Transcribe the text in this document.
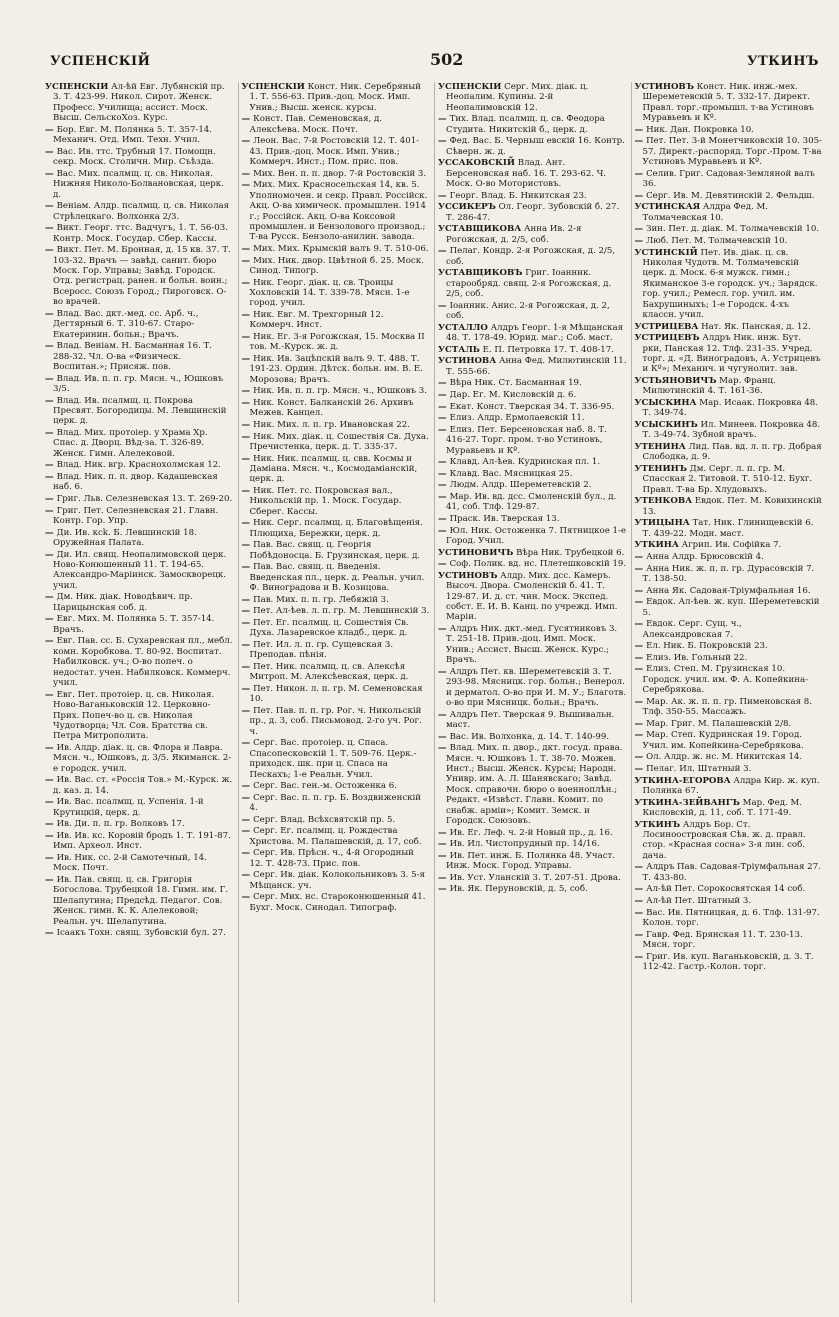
УСПЕНСКІЙ	502	УТКИНЪ
УСПЕНСКІЙ Ал-ѣй Евг. Лубянскій пр. 3. Т. 423-99. Никол. Сирот. Женск. Професс. Училища; ассист. Моск. Высш. СельскоХоз. Курс.
— Бор. Евг. М. Полянка 5. Т. 357-14. Механич. Отд. Имп. Техн. Учил.
— Вас. Ив. ттс. Трубный 17. Помощн. секр. Моск. Столичн. Мир. Съѣзда.
— Вас. Мих. псалмщ. ц. св. Николая. Нижняя Николо-Болвановская, церк. д.
— Веніам. Алдр. псалмщ. ц. св. Николая Стрѣлецкаго. Волхонка 2/3.
— Викт. Георг. ттс. Вадчугъ, 1. Т. 56-03. Контр. Моск. Государ. Сбер. Кассы.
— Викт. Пет. М. Бронная, д. 15 кв. 37. Т. 103-32. Врачъ — завѣд. санит. бюро Моск. Гор. Управы; Завѣд. Городск. Отд. регистрац. ранен. и больн. воин.; Всеросс. Союзъ Город.; Пироговск. О-во врачей.
— Влад. Вас. дкт.-мед. сс. Арб. ч., Дегтярный 6. Т. 310-67. Старо-Екатеринин. больн.; Врачъ.
— Влад. Веніам. Н. Басманная 16. Т. 288-32. Чл. О-ва «Физическ. Воспитан.»; Присяж. пов.
— Влад. Ив. п. п. гр. Мясн. ч., Юшковъ 3/5.
— Влад. Ив. псалмщ. ц. Покрова Пресвят. Богородицы. М. Левшинскій церк. д.
— Влад. Мих. протоіер. у Храма Хр. Спас. д. Дворц. Вѣд-за. Т. 326-89. Женск. Гимн. Алелековой.
— Влад. Ник. вгр. Краснохолмская 12.
— Влад. Ник. п. п. двор. Кадашевская наб. 6.
— Григ. Льв. Селезневская 13. Т. 269-20.
— Григ. Пет. Селезневская 21. Главн. Контр. Гор. Упр.
— Ди. Ив. ксk. Б. Левшинскій 18. Оружейная Палата.
— Ди. Ил. свящ. Неопалимовской церк. Ново-Конюшенный 11. Т. 194-65. Александро-Маріинск. Замоскворецк. учил.
— Дм. Ник. діак. Новодѣвич. пр. Царицынская соб. д.
— Евг. Мих. М. Полянка 5. Т. 357-14. Врачъ.
— Евг. Пав. сс. Б. Сухаревская пл., мебл. комн. Коробкова. Т. 80-92. Воспитат. Набилковск. уч.; О-во попеч. о недостат. учен. Набилковск. Коммерч. учил.
— Евг. Пет. протоіер. ц. св. Николая. Ново-Ваганьковскій 12. Церковно-Прих. Попеч-во ц. св. Николая Чудотворца; Чл. Сов. Братства св. Петра Митрополита.
— Ив. Алдр. діак. ц. св. Флора и Лавра. Мясн. ч., Юшковъ, д. 3/5. Якиманск. 2-е городск. учил.
— Ив. Вас. ст. «Россія Тов.» М.-Курск. ж. д. каз. д. 14.
— Ив. Вас. псалмщ. ц. Успенія. 1-й Крутицкій, церк. д.
— Ив. Ди. п. п. гр. Волковъ 17.
— Ив. Ив. кс. Коровій бродъ 1. Т. 191-87. Имп. Археол. Инст.
— Ив. Ник. сс. 2-й Самотечный, 14. Моск. Почт.
— Ив. Пав. свящ. ц. св. Григорія Богослова. Трубецкой 18. Гимн. им. Г. Шелапутина; Предсѣд. Педагог. Сов. Женск. гимн. К. К. Алелековой; Реальн. уч. Шелапутина.
— Ісаакъ Тохн. свящ. Зубовскій бул. 27.
УСПЕНСКІЙ Конст. Ник. Серебряный 1. Т. 556-63. Прив.-доц. Моск. Имп. Унив.; Высш. женск. курсы.
— Конст. Пав. Семеновская, д. Алексѣева. Моск. Почт.
— Леон. Вас. 7-й Ростовскій 12. Т. 401-43. Прив.-доц. Моск. Имп. Унив.; Коммерч. Инст.; Пом. прис. пов.
— Мих. Вен. п. п. двор. 7-й Ростовскій 3.
— Мих. Мих. Красносельская 14, кв. 5. Уполномочен. и секр. Правл. Россійск. Акц. О-ва химическ. промышлен. 1914 г.; Россійск. Акц. О-ва Коксовой промышлен. и Бензолового производ.; Т-ва Русск. Бензоло-анилин. завода.
— Мих. Мих. Крымскій валъ 9. Т. 510-06.
— Мих. Ник. двор. Цвѣтной б. 25. Моск. Синод. Типогр.
— Ник. Георг. діак. ц. св. Троицы Хохловскій 14. Т. 339-78. Мясн. 1-е город. учил.
— Ник. Евг. М. Трехгорный 12. Коммерч. Инст.
— Ник. Ег. 3-я Рогожская, 15. Москва II тов. М.-Курск. ж. д.
— Ник. Ив. Зацѣпскій валъ 9. Т. 488. Т. 191-23. Ордин. Дѣтск. больн. им. В. Е. Морозова; Врачъ.
— Ник. Ив. п. п. гр. Мясн. ч., Юшковъ 3.
— Ник. Конст. Балканскій 26. Архивъ Межев. Канцел.
— Ник. Мих. л. п. гр. Ивановская 22.
— Ник. Мих. діак. ц. Сошествія Св. Духа. Пречистенка, церк. д. Т. 335-37.
— Ник. Ник. псалмщ. ц. свв. Космы и Даміана. Мясн. ч., Космодаміанскій, церк. д.
— Ник. Пет. гс. Покровская вал., Никольскій пр. 1. Моск. Государ. Сберег. Кассы.
— Ник. Серг. псалмщ. ц. Благовѣщенія. Плющиха, Бережки, церк. д.
— Пав. Вас. свящ. ц. Георгія Побѣдоносца. Б. Грузинская, церк. д.
— Пав. Вас. свящ. ц. Введенія. Введенская пл., церк. д. Реальн. учил. Ф. Виноградова и В. Козицова.
— Пав. Мих. п. п. гр. Лебяжій 3.
— Пет. Ал-ѣев. л. п. гр. М. Левшинскій 3.
— Пет. Ег. псалмщ. ц. Сошествія Св. Духа. Лазаревское кладб., церк. д.
— Пет. Ил. л. п. гр. Сущевская 3. Преподав. пѣнія.
— Пет. Ник. псалмщ. ц. св. Алексѣя Митроп. М. Алексѣевская, церк. д.
— Пет. Никон. л. п. гр. М. Семеновская 10.
— Пет. Пав. п. п. гр. Рог. ч. Никольскій пр., д. 3, соб. Письмовод. 2-го уч. Рог. ч.
— Серг. Вас. протоіер. ц. Спаса. Спасопесковскій 1. Т. 509-76. Церк.-приходск. шк. при ц. Спаса на Пескахъ; 1-е Реальн. Учил.
— Серг. Вас. ген.-м. Остоженка 6.
— Серг. Вас. п. п. гр. Б. Воздвиженскій 4.
— Серг. Влад. Всѣхсвятскій пр. 5.
— Серг. Ег. псалмщ. ц. Рождества Христова. М. Палашевскій, д. 17, соб.
— Серг. Ив. Прѣсн. ч., 4-й Огородный 12. Т. 428-73. Прис. пов.
— Серг. Ив. діак. Колокольниковъ 3. 5-я Мѣщанск. уч.
— Серг. Мих. нс. Староконюшенный 41. Бухг. Моск. Синодал. Типограф.
УСПЕНСКІЙ Серг. Мих. діак. ц. Неопалим. Купины. 2-й Неопалимовскій 12.
— Тих. Влад. псалмщ. ц. св. Феодора Студита. Никитскій б., церк. д.
— Фед. Вас. Б. Черныш евскій 16. Контр. Сѣверн. ж. д.
УССАКОВСКІЙ Влад. Ант. Берсеновская наб. 16. Т. 293-62. Ч. Моск. О-во Мотористовъ.
— Георг. Влад. Б. Никитская 23.
УССИКЕРЪ Ол. Георг. Зубовскій б. 27. Т. 286-47.
УСТАВЩИКОВА Анна Ив. 2-я Рогожская, д. 2/5, соб.
— Пелаг. Кондр. 2-я Рогожская, д. 2/5, соб.
УСТАВЩИКОВЪ Григ. Іоанник. старообряд. свящ. 2-я Рогожская, д. 2/5, соб.
— Іоанник. Анис. 2-я Рогожская, д. 2, соб.
УСТАЛЛО Алдръ Георг. 1-я Мѣщанская 48. Т. 178-49. Юрид. маг.; Соб. маст.
УСТАЛЬ Е. П. Петровка 17. Т. 408-17.
УСТИНОВА Анна Фед. Милютинскій 11. Т. 555-66.
— Вѣра Ник. Ст. Басманная 19.
— Дар. Ег. М. Кисловскій д. 6.
— Екат. Конст. Тверская 34. Т. 336-95.
— Елиз. Алдр. Ермолаевскій 11.
— Елиз. Пет. Берсеновская наб. 8. Т. 416-27. Торг. пром. т-во Устиновъ, Муравьевъ и Кº.
— Клавд. Ал-ѣев. Кудринская пл. 1.
— Клавд. Вас. Мясницкая 25.
— Людм. Алдр. Шереметевскій 2.
— Мар. Ив. вд. дсс. Смоленскій бул., д. 41, соб. Тлф. 129-87.
— Праск. Ив. Тверская 13.
— Юл. Ник. Остоженка 7. Пятницкое 1-е Город. Учил.
УСТИНОВИЧЪ Вѣра Ник. Трубецкой 6.
— Соф. Полик. вд. нс. Плетешковскій 19.
УСТИНОВЪ Алдр. Мих. дсс. Камеръ. Высоч. Двора. Смоленскій б. 41. Т. 129-87. И. д. ст. чин. Моск. Экспед. собст. Е. И. В. Канц. по учрежд. Имп. Маріи.
— Алдръ Ник. дкт.-мед. Гусятниковъ 3. Т. 251-18. Прив.-доц. Имп. Моск. Унив.; Ассист. Высш. Женск. Курс.; Врачъ.
— Алдръ Пет. кв. Шереметевскій 3. Т. 293-98. Мясницк. гор. больн.; Венерол. и дерматол. О-во при И. М. У.; Благотв. о-во при Мясницк. больн.; Врачъ.
— Алдръ Пет. Тверская 9. Вышивальн. маст.
— Вас. Ив. Волхонка, д. 14. Т. 140-99.
— Влад. Мих. п. двор., дкт. госуд. права. Мясн. ч. Юшковъ 1. Т. 38-70. Можев. Инст.; Высш. Женск. Курсы; Народн. Унивр. им. А. Л. Шанявскаго; Завѣд. Моск. справочн. бюро о военноплѣн.; Редакт. «Извѣст. Главн. Комит. по снабж. арміи»; Комит. Земск. и Городск. Союзовъ.
— Ив. Ег. Леф. ч. 2-й Новый пр., д. 16.
— Ив. Ил. Чистопрудный пр. 14/16.
— Ив. Пет. инж. Б. Полянка 48. Участ. Инж. Моск. Город. Управы.
— Ив. Уст. Уланскій 3. Т. 207-51. Дрова.
— Ив. Як. Перуновскій, д. 5, соб.
УСТИНОВЪ Конст. Ник. инж.-мех. Шереметевскій 5. Т. 332-17. Директ. Правл. торг.-промышл. т-ва Устиновъ Муравьевъ и Кº.
— Ник. Дан. Покровка 10.
— Пет. Пет. 3-й Монетчиковскій 10. 305-57. Директ.-распоряд. Торг.-Пром. Т-ва Устиновъ Муравьевъ и Кº.
— Селив. Григ. Садовая-Земляной валъ 36.
— Серг. Ив. М. Девятинскій 2. Фельдш.
УСТИНСКАЯ Алдра Фед. М. Толмачевская 10.
— Зин. Пет. д. діак. М. Толмачевскій 10.
— Люб. Пет. М. Толмачевскій 10.
УСТИНСКІЙ Пет. Ив. діак. ц. св. Николая Чудотв. М. Толмачевскій церк. д. Моск. 6-я мужск. гимн.; Якиманское 3-е городск. уч.; Зарядск. гор. учил.; Ремесл. гор. учил. им. Бахрушиныхъ; 1-е Городск. 4-хъ классн. учил.
УСТРИЦЕВА Нат. Як. Панская, д. 12.
УСТРИЦЕВЪ Алдръ Ник. инж. Бут. рки, Панская 12. Тлф. 231-35. Учред. торг. д. «Д. Виноградовъ, А. Устрицевъ и Кº»; Механич. и чугунолит. зав.
УСТЬЯНОВИЧЪ Мар. Франц. Милютинскій 4. Т. 161-36.
УСЫСКИНА Мар. Исаак. Покровка 48. Т. 349-74.
УСЫСКИНЪ Ил. Минеев. Покровка 48. Т. 3-49-74. Зубной врачъ.
УТЕНИНА Лид. Пав. вд. л. п. гр. Добрая Слободка, д. 9.
УТЕНИНЪ Дм. Серг. л. п. гр. М. Спасская 2. Титовой. Т. 510-12. Бухг. Правл. Т-ва Бр. Хлудовыхъ.
УТЕНКОВА Евдок. Пет. М. Ковихинскій 13.
УТИЦЫНА Тат. Ник. Глинищевскій 6. Т. 439-22. Модн. маст.
УТКИНА Агрип. Ив. Софійка 7.
— Анна Алдр. Брюсовскій 4.
— Анна Ник. ж. п. п. гр. Дурасовскій 7. Т. 138-50.
— Анна Як. Садовая-Тріумфальная 16.
— Евдок. Ал-ѣев. ж. куп. Шереметевскій 5.
— Евдок. Серг. Сущ. ч., Александровская 7.
— Ел. Ник. Б. Покровскій 23.
— Елиз. Ив. Гольный 22.
— Елиз. Степ. М. Грузинская 10. Городск. учил. им. Ф. А. Копейкина-Серебрякова.
— Мар. Ак. ж. п. п. гр. Пименовская 8. Тлф. 350-55. Массажъ.
— Мар. Григ. М. Палашевскій 2/8.
— Мар. Степ. Кудринская 19. Город. Учил. им. Копейкина-Серебрякова.
— Ол. Алдр. ж. нс. М. Никитская 14.
— Пелаг. Ил. Штатный 3.
УТКИНА-ЕГОРОВА Алдра Кир. ж. куп. Полянка 67.
УТКИНА-ЗЕЙВАНГЪ Мар. Фед. М. Кисловскій, д. 11, соб. Т. 171-49.
УТКИНЪ Алдръ Бор. Ст. Лосиноостровская Сѣв. ж. д. правл. стор. «Красная сосна» 3-я лин. соб. дача.
— Алдръ Пав. Садовая-Тріумфальная 27. Т. 433-80.
— Ал-ѣй Пет. Сорокосвятская 14 соб.
— Ал-ѣй Пет. Штатный 3.
— Вас. Ив. Пятницкая, д. 6. Тлф. 131-97. Колон. торг.
— Гавр. Фед. Брянская 11. Т. 230-13. Мясн. торг.
— Григ. Ив. куп. Ваганьковскій, д. 3. Т. 112-42. Гастр.-Колон. торг.
